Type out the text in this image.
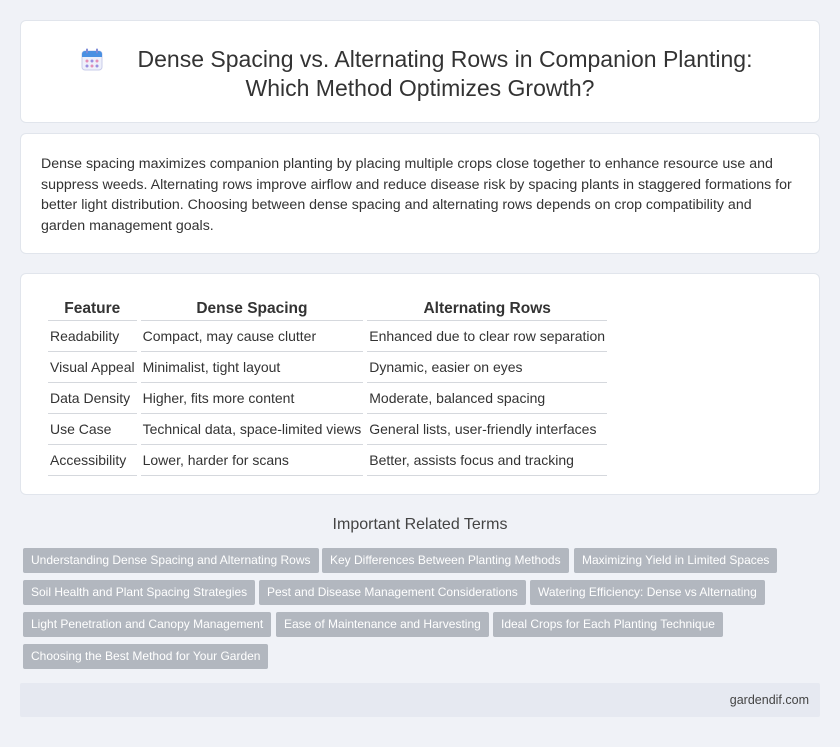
Dense Spacing vs. Alternating Rows in Companion Planting:
Which Method Optimizes Growth?

Dense spacing maximizes companion planting by placing multiple crops close together to enhance resource use and suppress weeds. Alternating rows improve airflow and reduce disease risk by spacing plants in staggered formations for better light distribution. Choosing between dense spacing and alternating rows depends on crop compatibility and garden management goals.

Feature	Dense Spacing	Alternating Rows
Readability	Compact, may cause clutter	Enhanced due to clear row separation
Visual Appeal	Minimalist, tight layout	Dynamic, easier on eyes
Data Density	Higher, fits more content	Moderate, balanced spacing
Use Case	Technical data, space-limited views	General lists, user-friendly interfaces
Accessibility	Lower, harder for scans	Better, assists focus and tracking
Important Related Terms
Understanding Dense Spacing and Alternating Rows	Key Differences Between Planting Methods	Maximizing Yield in Limited Spaces
Soil Health and Plant Spacing Strategies	Pest and Disease Management Considerations	Watering Efficiency: Dense vs Alternating
Light Penetration and Canopy Management	Ease of Maintenance and Harvesting	Ideal Crops for Each Planting Technique
Choosing the Best Method for Your Garden
gardendif.com
